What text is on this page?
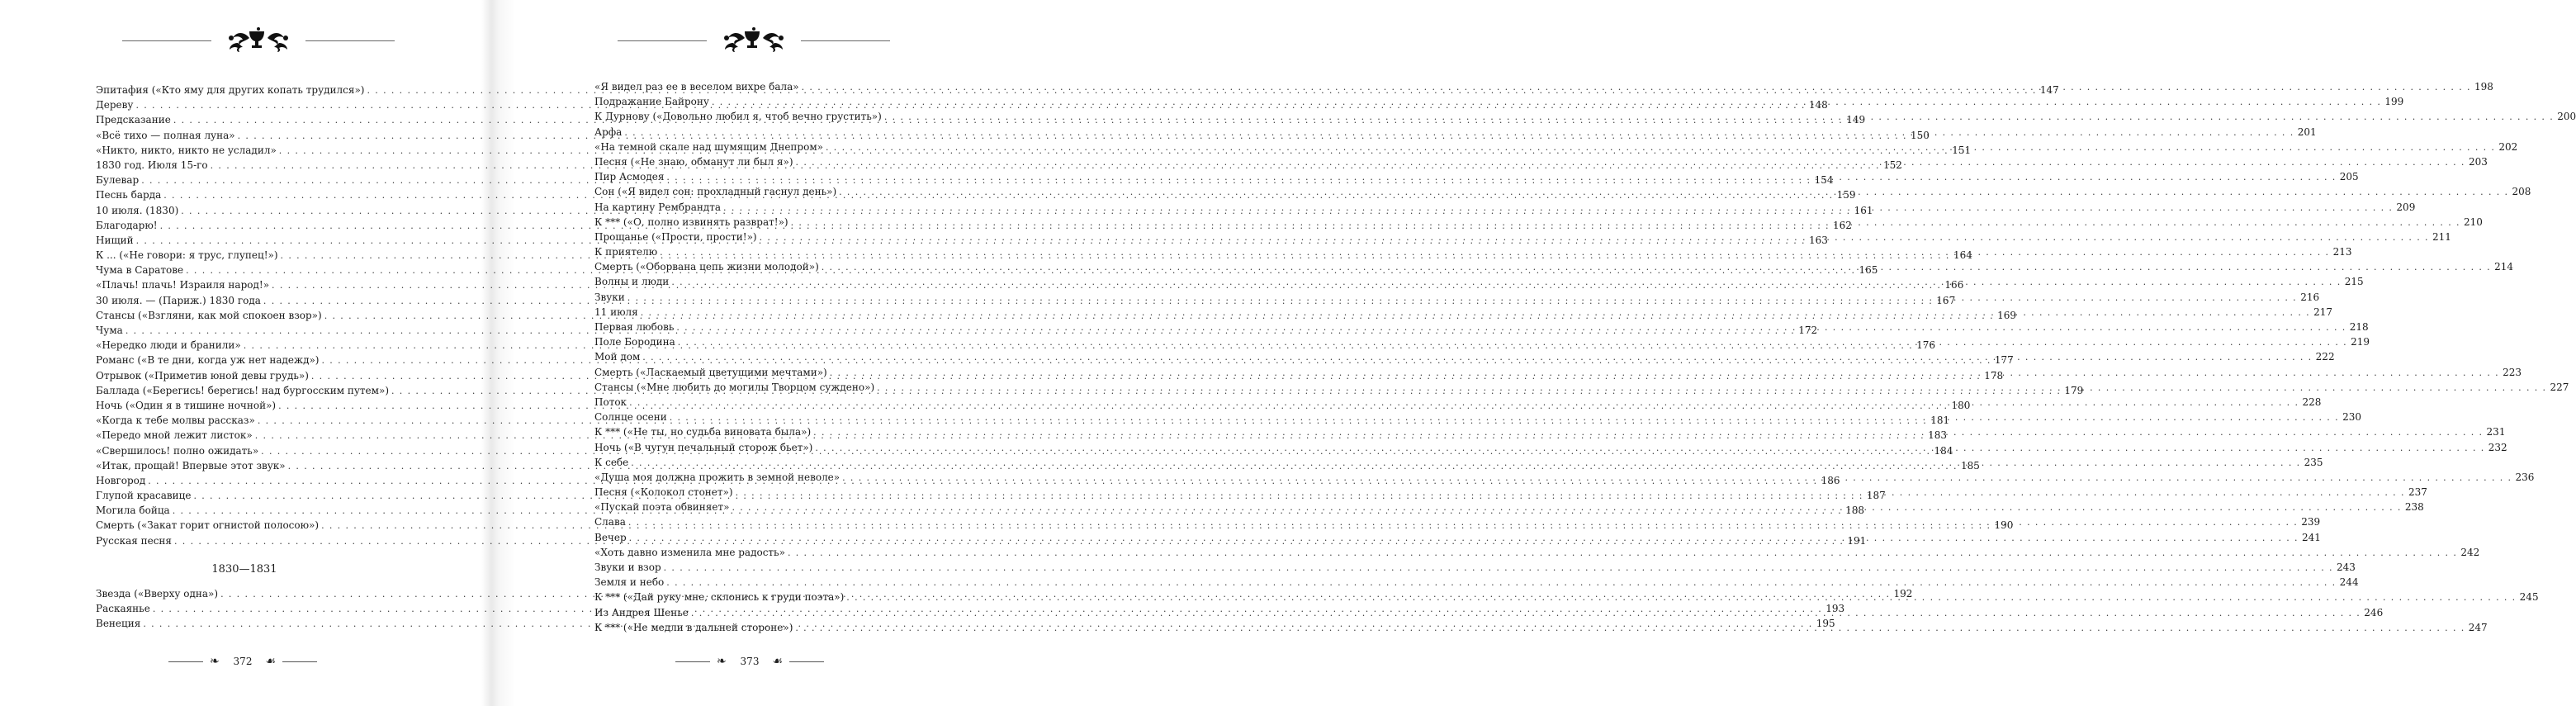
Эпитафия («Кто яму для других копать трудился») . . .	147
Дереву . . .	148
Предсказание . . .	149
«Всё тихо — полная луна» . . .	150
«Никто, никто, никто не усладил» . . .	151
1830 год. Июля 15-го . . .	152
Булевар . . .	154
Песнь барда . . .	159
10 июля. (1830) . . .	161
Благодарю! . . .	162
Нищий . . .	163
К ... («Не говори: я трус, глупец!») . . .	164
Чума в Саратове . . .	165
«Плачь! плачь! Израиля народ!» . . .	166
30 июля. — (Париж.) 1830 года . . .	167
Стансы («Взгляни, как мой спокоен взор») . . .	169
Чума . . .	172
«Нередко люди и бранили» . . .	176
Романс («В те дни, когда уж нет надежд») . . .	177
Отрывок («Приметив юной девы грудь») . . .	178
Баллада («Берегись! берегись! над бургосским путем») . . .	179
Ночь («Один я в тишине ночной») . . .	180
«Когда к тебе молвы рассказ» . . .	181
«Передо мной лежит листок» . . .	183
«Свершилось! полно ожидать» . . .	184
«Итак, прощай! Впервые этот звук» . . .	185
Новгород . . .	186
Глупой красавице . . .	187
Могила бойца . . .	188
Смерть («Закат горит огнистой полосою») . . .	190
Русская песня . . .	191
1830—1831
Звезда («Вверху одна») . . .	192
Раскаянье . . .	193
Венеция . . .	195
❧	372	☙
«Я видел раз ее в веселом вихре бала» . . .	198
Подражание Байрону . . .	199
К Дурнову («Довольно любил я, чтоб вечно грустить») . . .	200
Арфа . . .	201
«На темной скале над шумящим Днепром» . . .	202
Песня («Не знаю, обманут ли был я») . . .	203
Пир Асмодея . . .	205
Сон («Я видел сон: прохладный гаснул день») . . .	208
На картину Рембрандта . . .	209
К *** («О, полно извинять разврат!») . . .	210
Прощанье («Прости, прости!») . . .	211
К приятелю . . .	213
Смерть («Оборвана цепь жизни молодой») . . .	214
Волны и люди . . .	215
Звуки . . .	216
11 июля . . .	217
Первая любовь . . .	218
Поле Бородина . . .	219
Мой дом . . .	222
Смерть («Ласкаемый цветущими мечтами») . . .	223
Стансы («Мне любить до могилы Творцом суждено») . . .	227
Поток . . .	228
Солнце осени . . .	230
К *** («Не ты, но судьба виновата была») . . .	231
Ночь («В чугун печальный сторож бьет») . . .	232
К себе . . .	235
«Душа моя должна прожить в земной неволе» . . .	236
Песня («Колокол стонет») . . .	237
«Пускай поэта обвиняет» . . .	238
Слава . . .	239
Вечер . . .	241
«Хоть давно изменила мне радость» . . .	242
Звуки и взор . . .	243
Земля и небо . . .	244
К *** («Дай руку мне, склонись к груди поэта») . . .	245
Из Андрея Шенье . . .	246
К *** («Не медли в дальней стороне») . . .	247
❧	373	☙
